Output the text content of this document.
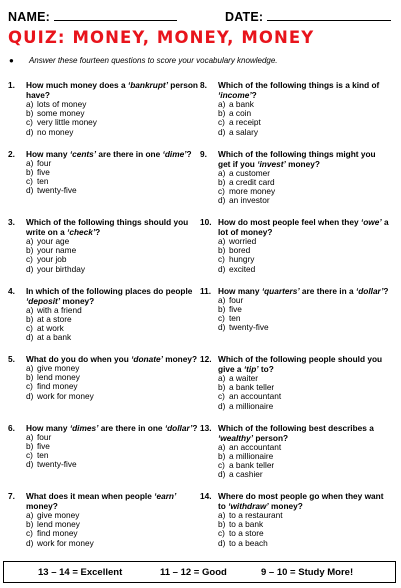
NAME:	DATE:
QUIZ: MONEY, MONEY, MONEY
● Answer these fourteen questions to score your vocabulary knowledge.
1.	How much money does a ‘bankrupt’ person have?
a) lots of money
b) some money
c) very little money
d) no money
2.	How many ‘cents’ are there in one ‘dime’?
a) four
b) five
c) ten
d) twenty-five
3.	Which of the following things should you write on a ‘check’?
a) your age
b) your name
c) your job
d) your birthday
4.	In which of the following places do people ‘deposit’ money?
a) with a friend
b) at a store
c) at work
d) at a bank
5.	What do you do when you ‘donate’ money?
a) give money
b) lend money
c) find money
d) work for money
6.	How many ‘dimes’ are there in one ‘dollar’?
a) four
b) five
c) ten
d) twenty-five
7.	What does it mean when people ‘earn’ money?
a) give money
b) lend money
c) find money
d) work for money
8.	Which of the following things is a kind of ‘income’?
a) a bank
b) a coin
c) a receipt
d) a salary
9.	Which of the following things might you get if you ‘invest’ money?
a) a customer
b) a credit card
c) more money
d) an investor
10. How do most people feel when they ‘owe’ a lot of money?
a) worried
b) bored
c) hungry
d) excited
11. How many ‘quarters’ are there in a ‘dollar’?
a) four
b) five
c) ten
d) twenty-five
12. Which of the following people should you give a ‘tip’ to?
a) a waiter
b) a bank teller
c) an accountant
d) a millionaire
13. Which of the following best describes a ‘wealthy’ person?
a) an accountant
b) a millionaire
c) a bank teller
d) a cashier
14. Where do most people go when they want to ‘withdraw’ money?
a) to a restaurant
b) to a bank
c) to a store
d) to a beach
13 – 14 = Excellent	11 – 12 = Good	9 – 10 = Study More!
